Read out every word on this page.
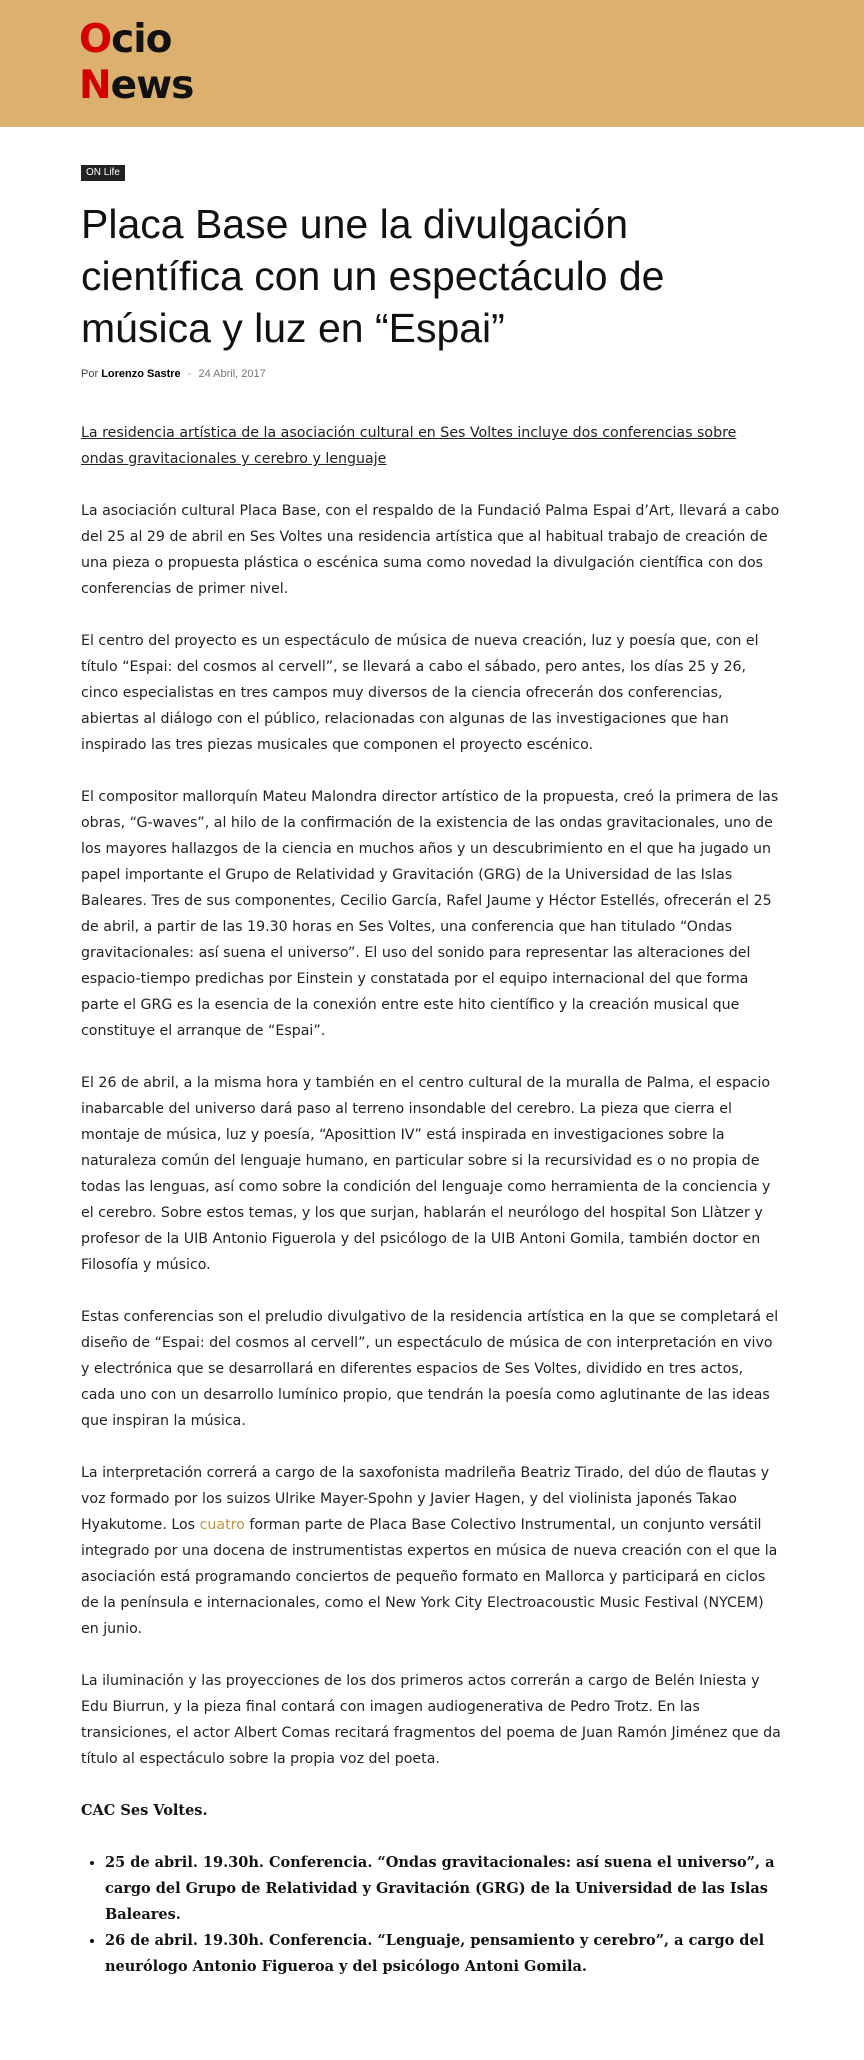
Ocio
News
ON Life
Placa Base une la divulgación científica con un espectáculo de música y luz en “Espai”
Por Lorenzo Sastre - 24 Abril, 2017

La residencia artística de la asociación cultural en Ses Voltes incluye dos conferencias sobre ondas gravitacionales y cerebro y lenguaje

La asociación cultural Placa Base, con el respaldo de la Fundació Palma Espai d’Art, llevará a cabo del 25 al 29 de abril en Ses Voltes una residencia artística que al habitual trabajo de creación de una pieza o propuesta plástica o escénica suma como novedad la divulgación científica con dos conferencias de primer nivel.

El centro del proyecto es un espectáculo de música de nueva creación, luz y poesía que, con el título “Espai: del cosmos al cervell”, se llevará a cabo el sábado, pero antes, los días 25 y 26, cinco especialistas en tres campos muy diversos de la ciencia ofrecerán dos conferencias, abiertas al diálogo con el público, relacionadas con algunas de las investigaciones que han inspirado las tres piezas musicales que componen el proyecto escénico.

El compositor mallorquín Mateu Malondra director artístico de la propuesta, creó la primera de las obras, “G-waves”, al hilo de la confirmación de la existencia de las ondas gravitacionales, uno de los mayores hallazgos de la ciencia en muchos años y un descubrimiento en el que ha jugado un papel importante el Grupo de Relatividad y Gravitación (GRG) de la Universidad de las Islas Baleares. Tres de sus componentes, Cecilio García, Rafel Jaume y Héctor Estellés, ofrecerán el 25 de abril, a partir de las 19.30 horas en Ses Voltes, una conferencia que han titulado “Ondas gravitacionales: así suena el universo”. El uso del sonido para representar las alteraciones del espacio-tiempo predichas por Einstein y constatada por el equipo internacional del que forma parte el GRG es la esencia de la conexión entre este hito científico y la creación musical que constituye el arranque de “Espai”.

El 26 de abril, a la misma hora y también en el centro cultural de la muralla de Palma, el espacio inabarcable del universo dará paso al terreno insondable del cerebro. La pieza que cierra el montaje de música, luz y poesía, “Aposittion IV” está inspirada en investigaciones sobre la naturaleza común del lenguaje humano, en particular sobre si la recursividad es o no propia de todas las lenguas, así como sobre la condición del lenguaje como herramienta de la conciencia y el cerebro. Sobre estos temas, y los que surjan, hablarán el neurólogo del hospital Son Llàtzer y profesor de la UIB Antonio Figuerola y del psicólogo de la UIB Antoni Gomila, también doctor en Filosofía y músico.

Estas conferencias son el preludio divulgativo de la residencia artística en la que se completará el diseño de “Espai: del cosmos al cervell”, un espectáculo de música de con interpretación en vivo y electrónica que se desarrollará en diferentes espacios de Ses Voltes, dividido en tres actos, cada uno con un desarrollo lumínico propio, que tendrán la poesía como aglutinante de las ideas que inspiran la música.

La interpretación correrá a cargo de la saxofonista madrileña Beatriz Tirado, del dúo de flautas y voz formado por los suizos Ulrike Mayer-Spohn y Javier Hagen, y del violinista japonés Takao Hyakutome. Los cuatro forman parte de Placa Base Colectivo Instrumental, un conjunto versátil integrado por una docena de instrumentistas expertos en música de nueva creación con el que la asociación está programando conciertos de pequeño formato en Mallorca y participará en ciclos de la península e internacionales, como el New York City Electroacoustic Music Festival (NYCEM) en junio.

La iluminación y las proyecciones de los dos primeros actos correrán a cargo de Belén Iniesta y Edu Biurrun, y la pieza final contará con imagen audiogenerativa de Pedro Trotz. En las transiciones, el actor Albert Comas recitará fragmentos del poema de Juan Ramón Jiménez que da título al espectáculo sobre la propia voz del poeta.

CAC Ses Voltes.

• 25 de abril. 19.30h. Conferencia. “Ondas gravitacionales: así suena el universo”, a cargo del Grupo de Relatividad y Gravitación (GRG) de la Universidad de las Islas Baleares.
• 26 de abril. 19.30h. Conferencia. “Lenguaje, pensamiento y cerebro”, a cargo del neurólogo Antonio Figueroa y del psicólogo Antoni Gomila.
